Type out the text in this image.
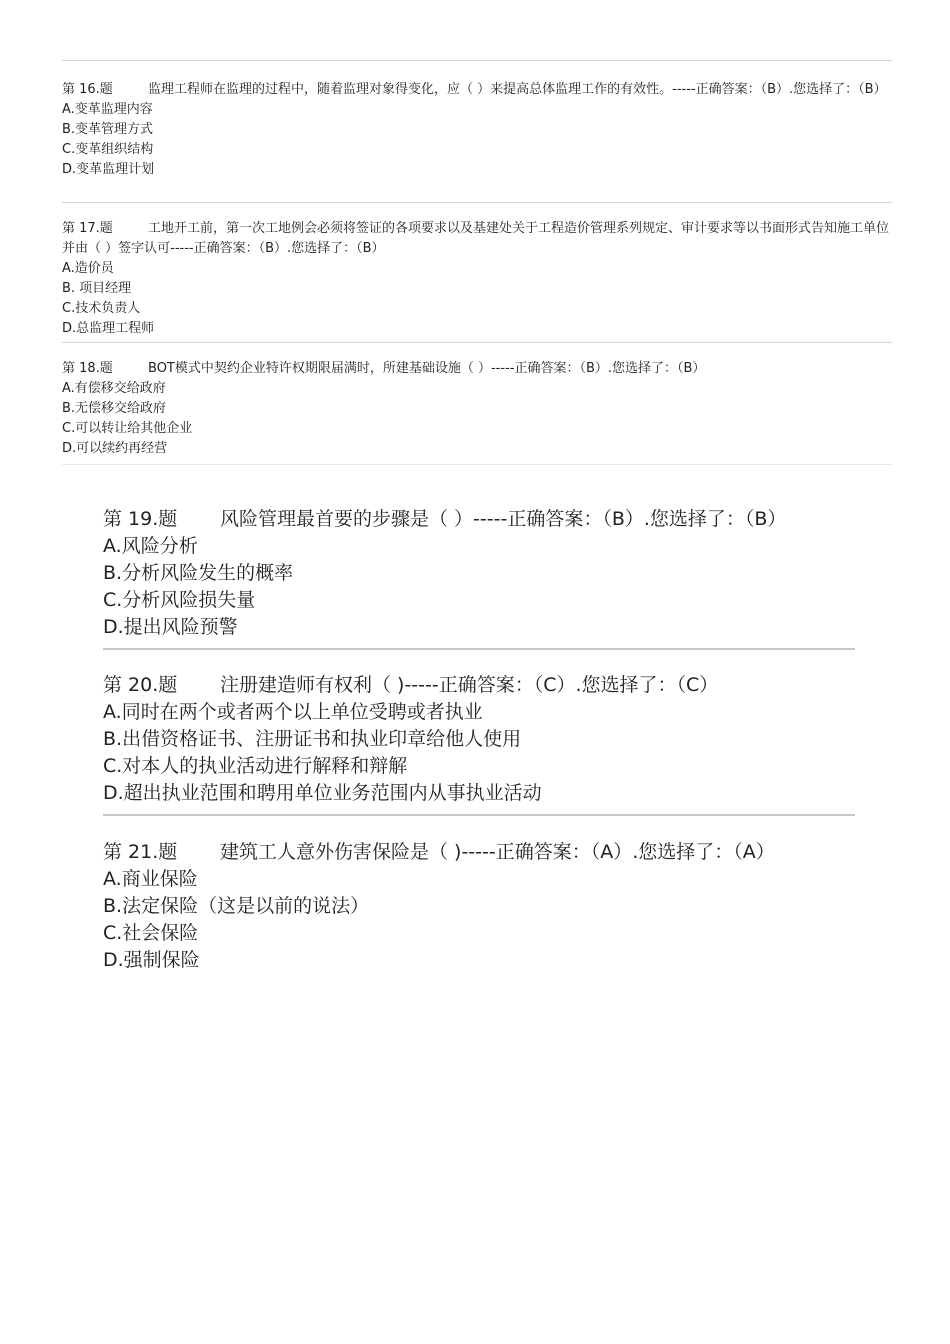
第 16.题	监理工程师在监理的过程中，随着监理对象得变化，应（ ）来提高总体监理工作的有效性。-----正确答案：（B）.您选择了：（B）

A.变革监理内容

B.变革管理方式

C.变革组织结构

D.变革监理计划

第 17.题	工地开工前，第一次工地例会必须将签证的各项要求以及基建处关于工程造价管理系列规定、审计要求等以书面形式告知施工单位并由（ ）签字认可-----正确答案：（B）.您选择了：（B）

A.造价员

B. 项目经理

C.技术负责人

D.总监理工程师

第 18.题	BOT模式中契约企业特许权期限届满时，所建基础设施（ ）-----正确答案：（B）.您选择了：（B）

A.有偿移交给政府

B.无偿移交给政府

C.可以转让给其他企业

D.可以续约再经营

第 19.题 风险管理最首要的步骤是（ ）-----正确答案：（B）.您选择了：（B）

A.风险分析

B.分析风险发生的概率

C.分析风险损失量

D.提出风险预警

第 20.题 注册建造师有权利（ )-----正确答案：（C）.您选择了：（C）

A.同时在两个或者两个以上单位受聘或者执业

B.出借资格证书、注册证书和执业印章给他人使用

C.对本人的执业活动进行解释和辩解

D.超出执业范围和聘用单位业务范围内从事执业活动

第 21.题 建筑工人意外伤害保险是（ )-----正确答案：（A）.您选择了：（A）

A.商业保险

B.法定保险（这是以前的说法）

C.社会保险

D.强制保险
